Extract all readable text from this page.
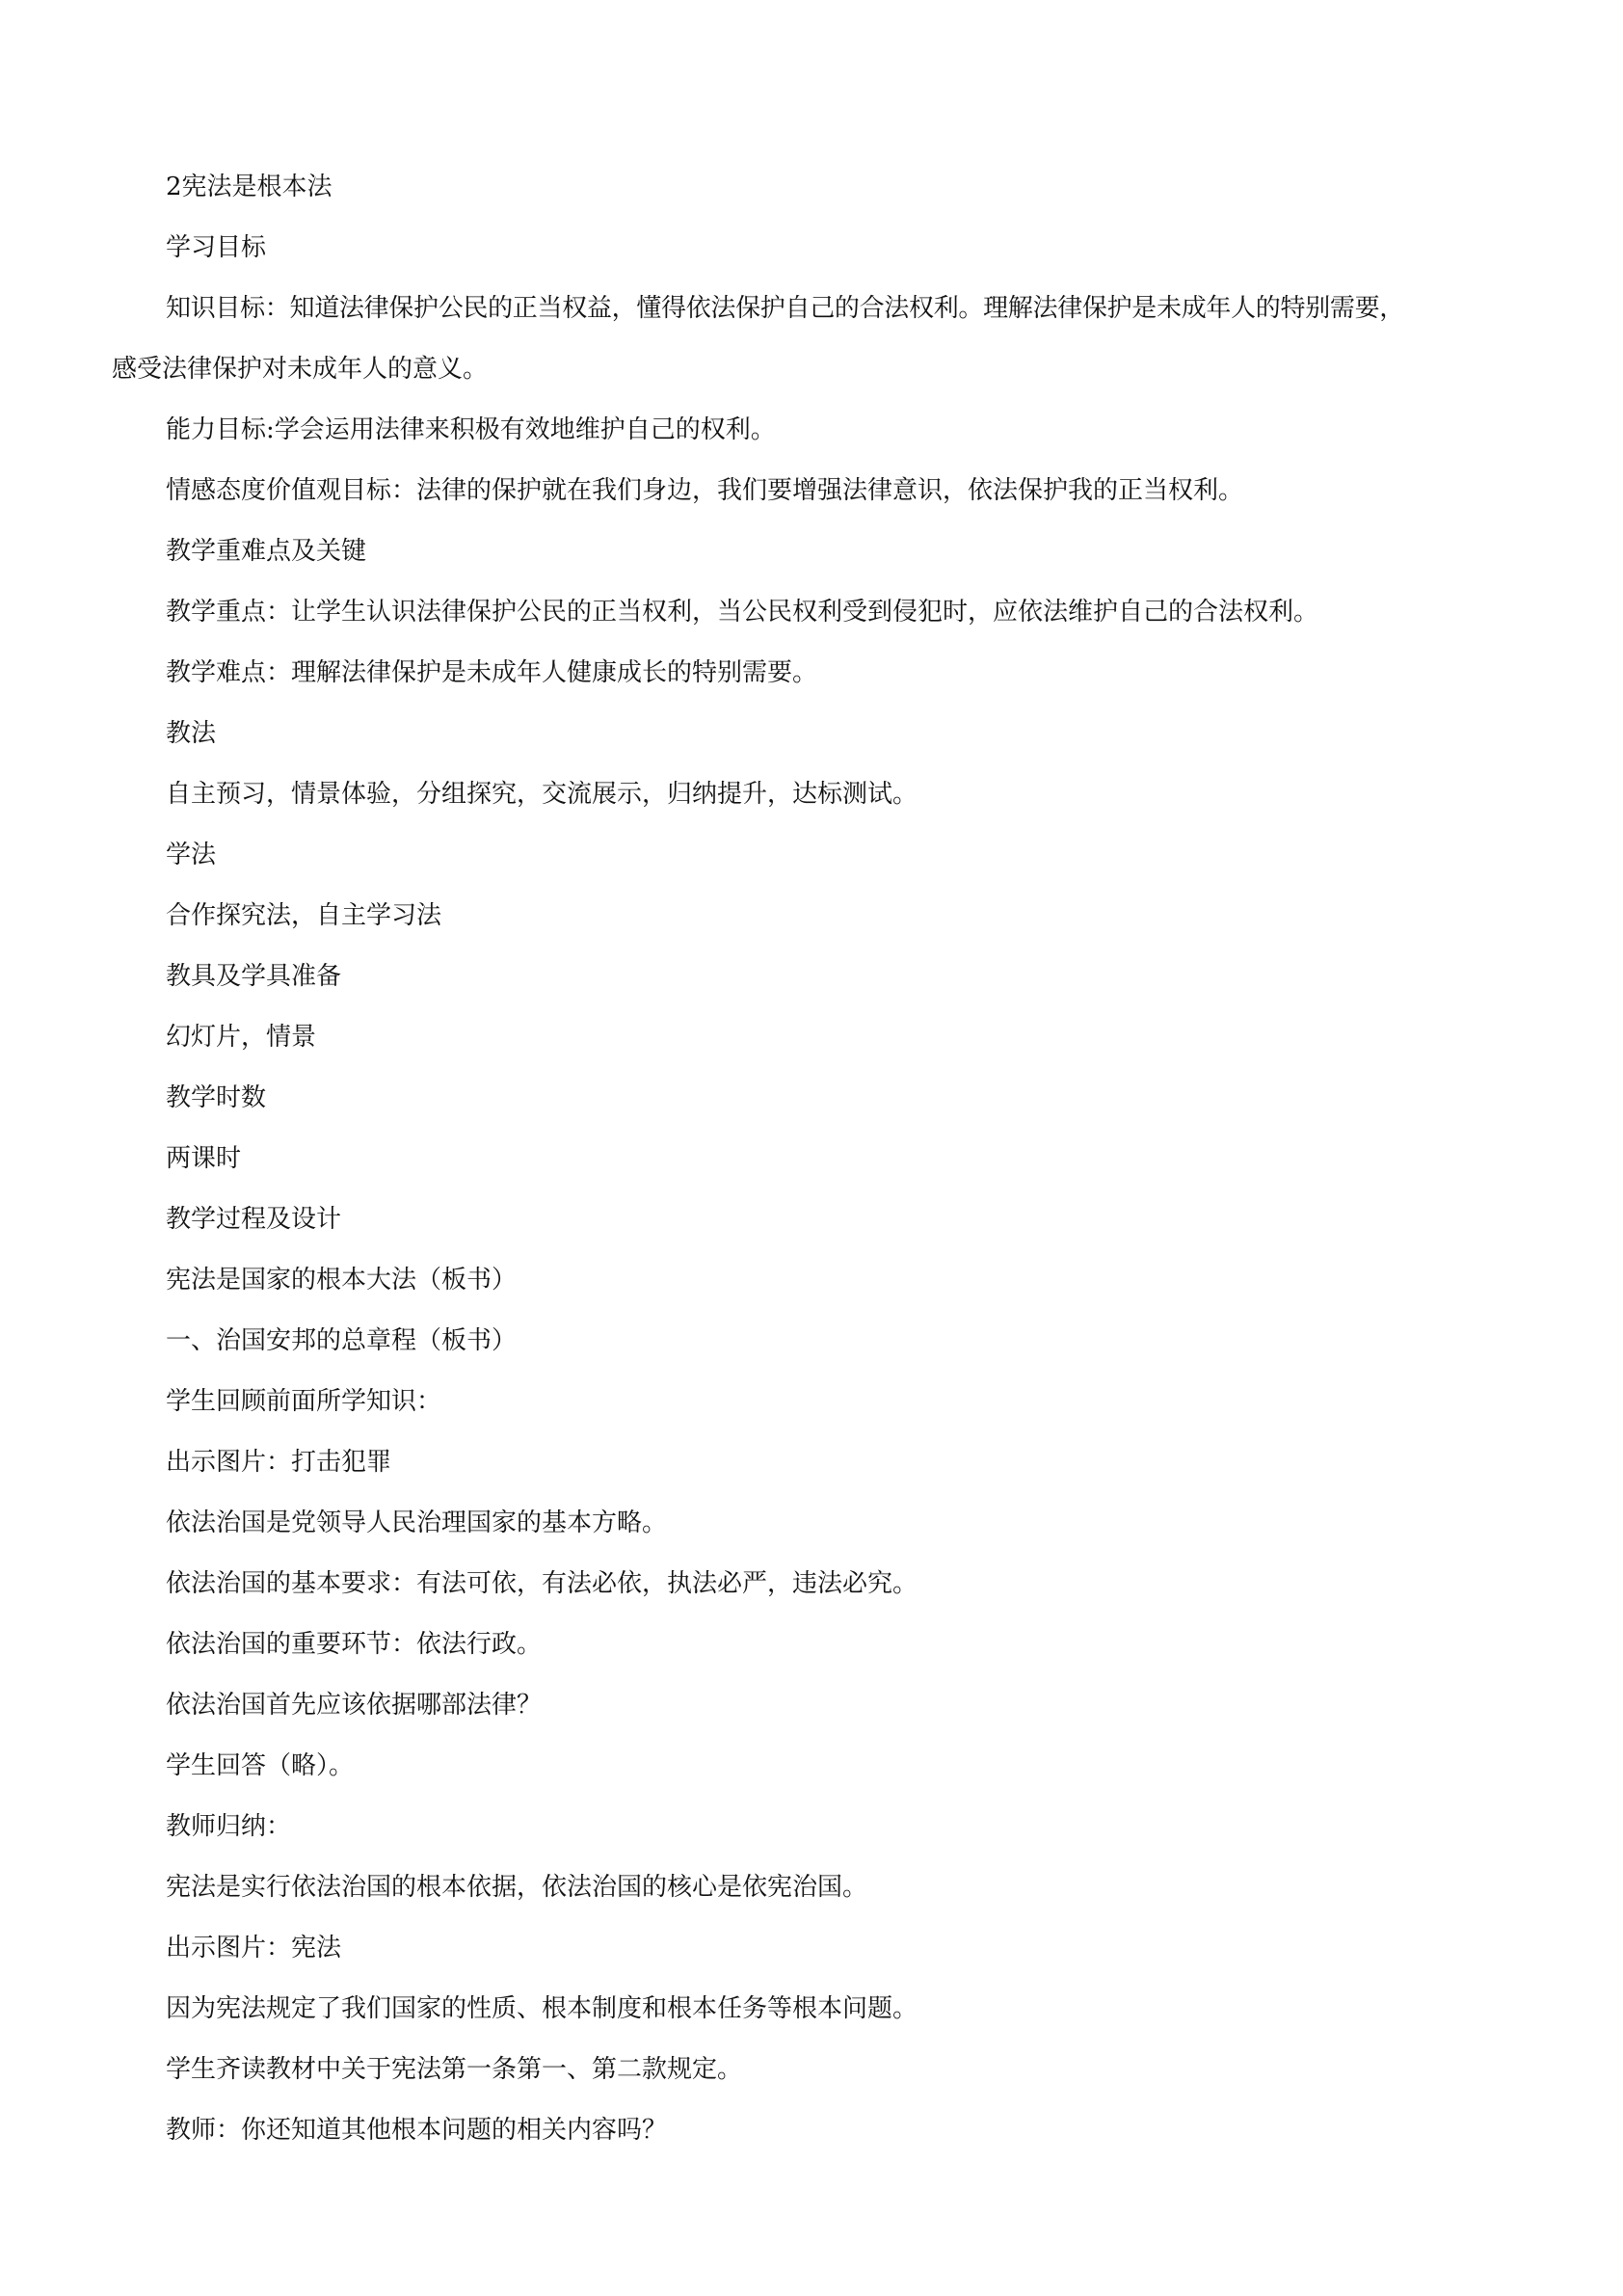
2宪法是根本法
学习目标
知识目标：知道法律保护公民的正当权益，懂得依法保护自己的合法权利。理解法律保护是未成年人的特别需要，
感受法律保护对未成年人的意义。
能力目标:学会运用法律来积极有效地维护自己的权利。
情感态度价值观目标：法律的保护就在我们身边，我们要增强法律意识，依法保护我的正当权利。
教学重难点及关键
教学重点：让学生认识法律保护公民的正当权利，当公民权利受到侵犯时，应依法维护自己的合法权利。
教学难点：理解法律保护是未成年人健康成长的特别需要。
教法
自主预习，情景体验，分组探究，交流展示，归纳提升，达标测试。
学法
合作探究法，自主学习法
教具及学具准备
幻灯片，情景
教学时数
两课时
教学过程及设计
宪法是国家的根本大法（板书）
一、治国安邦的总章程（板书）
学生回顾前面所学知识：
出示图片：打击犯罪
依法治国是党领导人民治理国家的基本方略。
依法治国的基本要求：有法可依，有法必依，执法必严，违法必究。
依法治国的重要环节：依法行政。
依法治国首先应该依据哪部法律？
学生回答（略）。
教师归纳：
宪法是实行依法治国的根本依据，依法治国的核心是依宪治国。
出示图片：宪法
因为宪法规定了我们国家的性质、根本制度和根本任务等根本问题。
学生齐读教材中关于宪法第一条第一、第二款规定。
教师：你还知道其他根本问题的相关内容吗？
